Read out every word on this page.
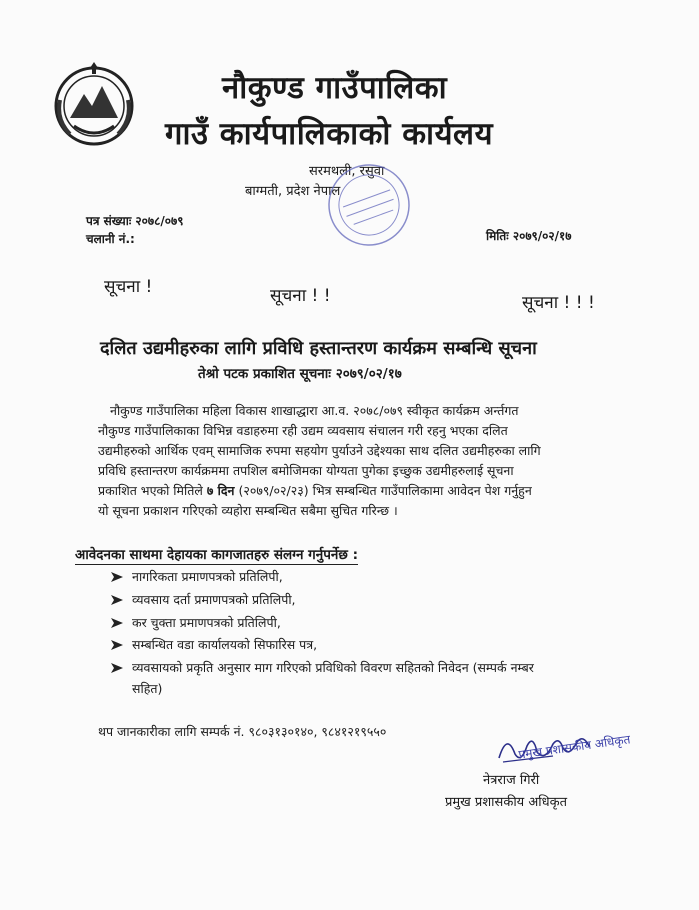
नौकुण्ड गाउँपालिका
गाउँ कार्यपालिकाको कार्यलय
सरमथली, रसुवा
बाग्मती, प्रदेश नेपाल
पत्र संख्याः २०७८/०७९
चलानी नं.:	मितिः २०७९/०२/१७
सूचना !	सूचना ! !	सूचना ! ! !
दलित उद्यमीहरुका लागि प्रविधि हस्तान्तरण कार्यक्रम सम्बन्धि सूचना
तेश्रो पटक प्रकाशित सूचनाः २०७९/०२/१७
नौकुण्ड गाउँपालिका महिला विकास शाखाद्धारा आ.व. २०७८/०७९ स्वीकृत कार्यक्रम अर्न्तगत
नौकुण्ड गाउँपालिकाका विभिन्न वडाहरुमा रही उद्यम व्यवसाय संचालन गरी रहनु भएका दलित
उद्यमीहरुको आर्थिक एवम् सामाजिक रुपमा सहयोग पुर्याउने उद्देश्यका साथ दलित उद्यमीहरुका लागि
प्रविधि हस्तान्तरण कार्यक्रममा तपशिल बमोजिमका योग्यता पुगेका इच्छुक उद्यमीहरुलाई सूचना
प्रकाशित भएको मितिले ७ दिन (२०७९/०२/२३) भित्र सम्बन्धित गाउँपालिकामा आवेदन पेश गर्नुहुन
यो सूचना प्रकाशन गरिएको व्यहोरा सम्बन्धित सबैमा सुचित गरिन्छ ।
आवेदनका साथमा देहायका कागजातहरु संलग्न गर्नुपर्नेछ :
नागरिकता प्रमाणपत्रको प्रतिलिपी,
व्यवसाय दर्ता प्रमाणपत्रको प्रतिलिपी,
कर चुक्ता प्रमाणपत्रको प्रतिलिपी,
सम्बन्धित वडा कार्यालयको सिफारिस पत्र,
व्यवसायको प्रकृति अनुसार माग गरिएको प्रविधिको विवरण सहितको निवेदन (सम्पर्क नम्बर
सहित)
थप जानकारीका लागि सम्पर्क नं. ९८०३१३०१४०, ९८४१२१९५५०
प्रमुख प्रशासकीय अधिकृत
नेत्रराज गिरी
प्रमुख प्रशासकीय अधिकृत
